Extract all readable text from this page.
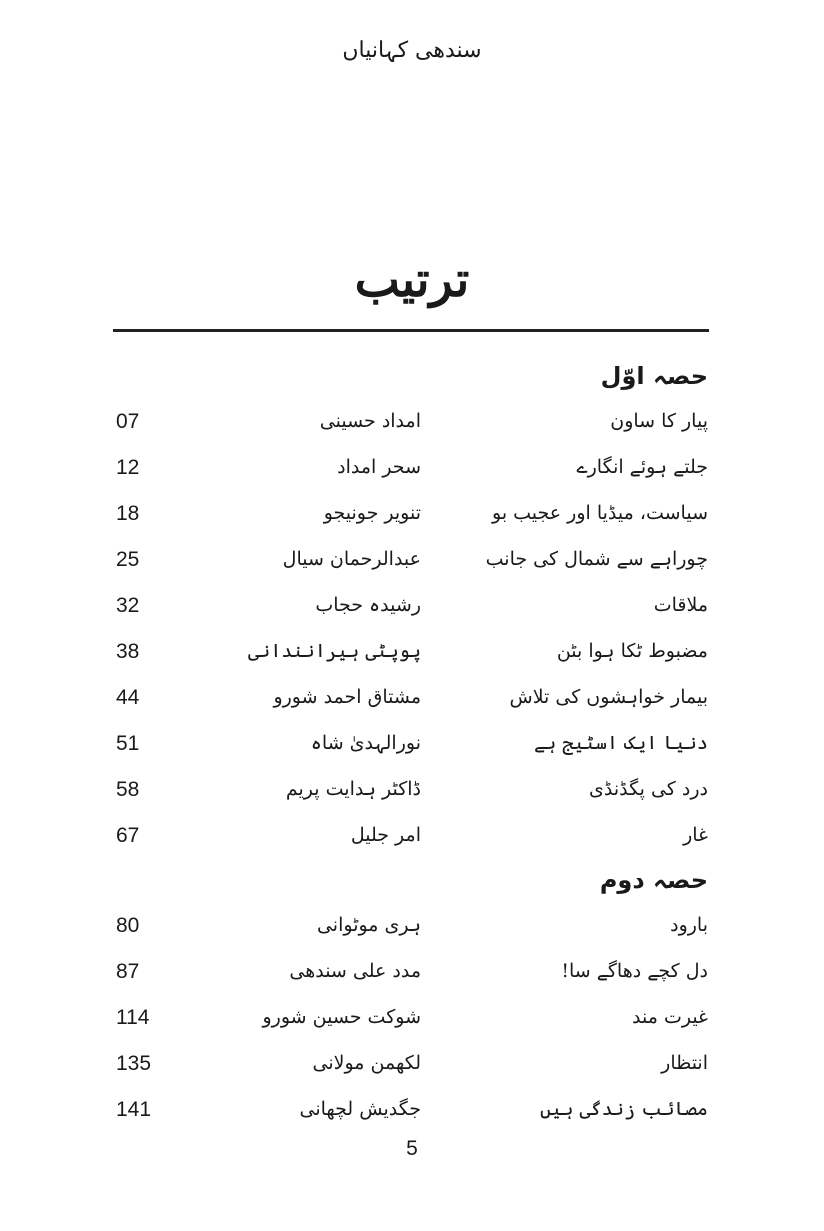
سندھی کہانیاں
ترتیب
حصہ اوّل
پیار کا ساون
امداد حسینی
07
جلتے ہوئے انگارے
سحر امداد
12
سیاست، میڈیا اور عجیب بو
تنویر جونیجو
18
چوراہے سے شمال کی جانب
عبدالرحمان سیال
25
ملاقات
رشیدہ حجاب
32
مضبوط ٹکا ہوا بٹن
پوپٹی ہیرانندانی
38
بیمار خواہشوں کی تلاش
مشتاق احمد شورو
44
دنیا ایک اسٹیج ہے
نورالہدیٰ شاہ
51
درد کی پگڈنڈی
ڈاکٹر ہدایت پریم
58
غار
امر جلیل
67
حصہ دوم
بارود
ہری موٹوانی
80
دل کچے دھاگے سا!
مدد علی سندھی
87
غیرت مند
شوکت حسین شورو
114
انتظار
لکھمن مولانی
135
مصائب زندگی ہیں
جگدیش لچھانی
141
5
